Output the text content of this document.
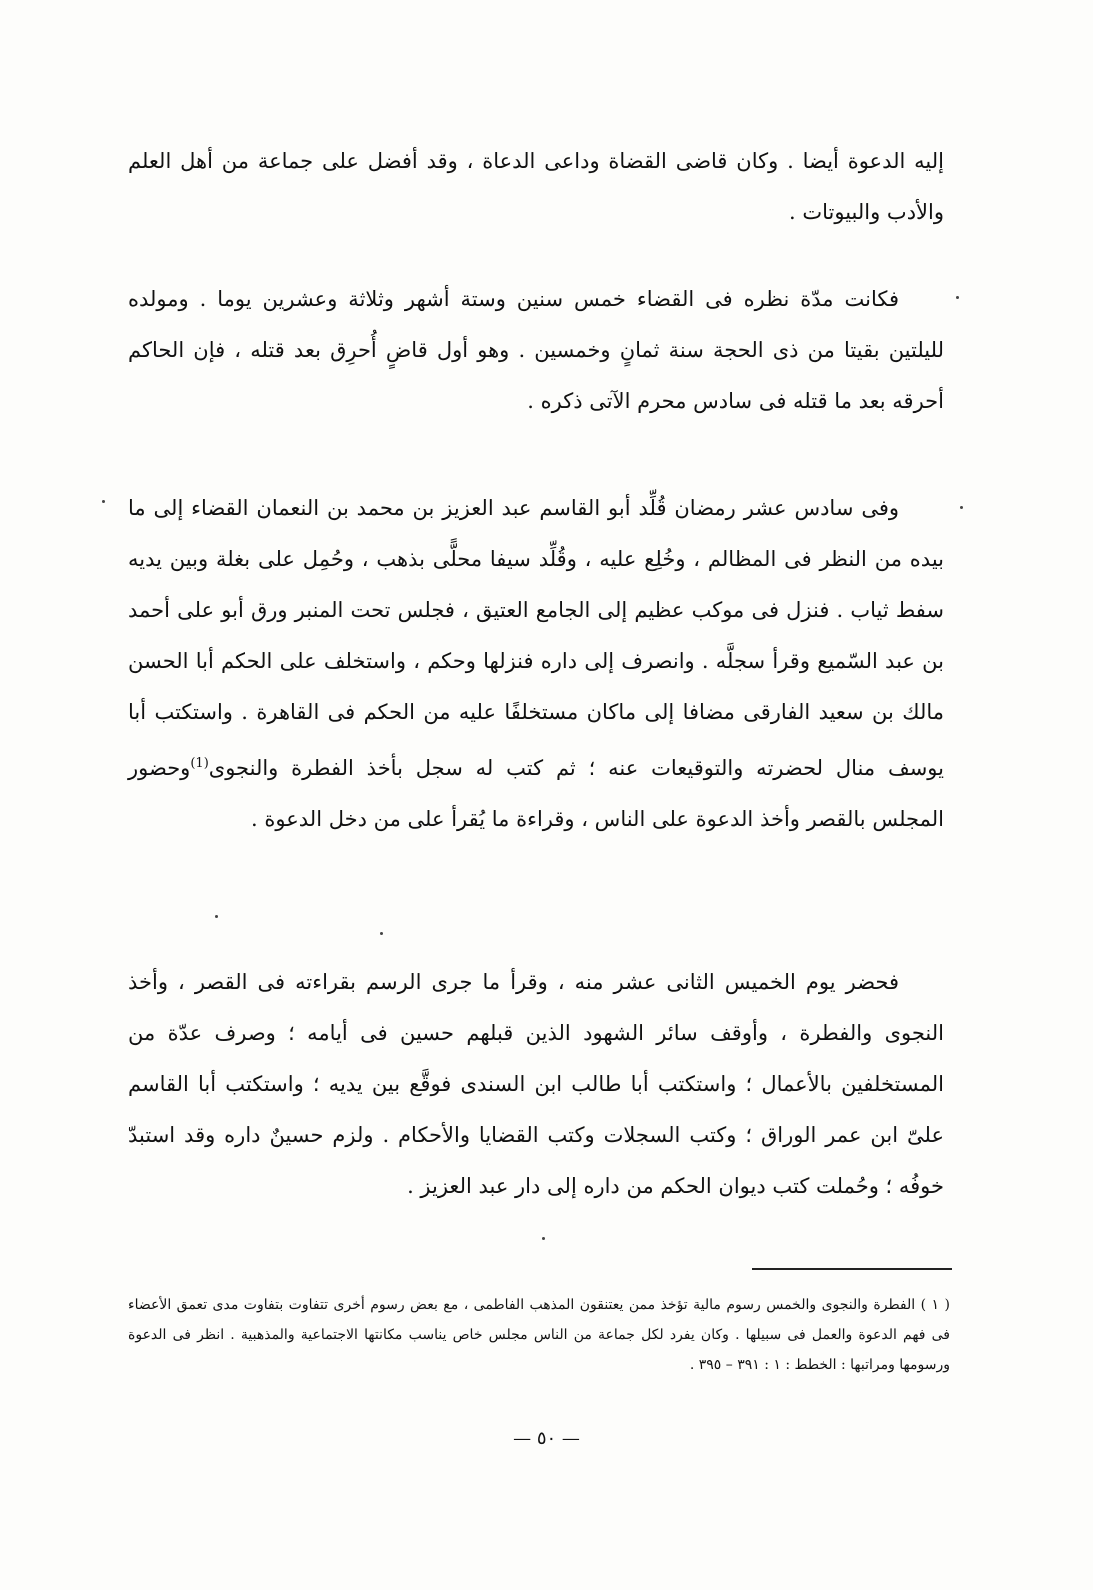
إليه الدعوة أيضا . وكان قاضى القضاة وداعى الدعاة ، وقد أفضل على جماعة من أهل العلم والأدب والبيوتات .

فكانت مدّة نظره فى القضاء خمس سنين وستة أشهر وثلاثة وعشرين يوما . ومولده لليلتين بقيتا من ذى الحجة سنة ثمانٍ وخمسين . وهو أول قاضٍ أُحرِق بعد قتله ، فإن الحاكم أحرقه بعد ما قتله فى سادس محرم الآتى ذكره .

وفى سادس عشر رمضان قُلِّد أبو القاسم عبد العزيز بن محمد بن النعمان القضاء إلى ما بيده من النظر فى المظالم ، وخُلِع عليه ، وقُلِّد سيفا محلًّى بذهب ، وحُمِل على بغلة وبين يديه سفط ثياب . فنزل فى موكب عظيم إلى الجامع العتيق ، فجلس تحت المنبر ورق أبو على أحمد بن عبد السّميع وقرأ سجلَّه . وانصرف إلى داره فنزلها وحكم ، واستخلف على الحكم أبا الحسن مالك بن سعيد الفارقى مضافا إلى ماكان مستخلفًا عليه من الحكم فى القاهرة . واستكتب أبا يوسف منال لحضرته والتوقيعات عنه ؛ ثم كتب له سجل بأخذ الفطرة والنجوى$^{(1)}$وحضور المجلس بالقصر وأخذ الدعوة على الناس ، وقراءة ما يُقرأ على من دخل الدعوة .

فحضر يوم الخميس الثانى عشر منه ، وقرأ ما جرى الرسم بقراءته فى القصر ، وأخذ النجوى والفطرة ، وأوقف سائر الشهود الذين قبلهم حسين فى أيامه ؛ وصرف عدّة من المستخلفين بالأعمال ؛ واستكتب أبا طالب ابن السندى فوقَّع بين يديه ؛ واستكتب أبا القاسم علىّ ابن عمر الوراق ؛ وكتب السجلات وكتب القضايا والأحكام . ولزم حسينٌ داره وقد استبدّ خوفُه ؛ وحُملت كتب ديوان الحكم من داره إلى دار عبد العزيز .

( ١ ) الفطرة والنجوى والخمس رسوم مالية تؤخذ ممن يعتنقون المذهب الفاطمى ، مع بعض رسوم أخرى تتفاوت بتفاوت مدى تعمق الأعضاء فى فهم الدعوة والعمل فى سبيلها . وكان يفرد لكل جماعة من الناس مجلس خاص يناسب مكانتها الاجتماعية والمذهبية . انظر فى الدعوة ورسومها ومراتبها : الخطط : ١ : ٣٩١ – ٣٩٥ .

— ٥٠ —
